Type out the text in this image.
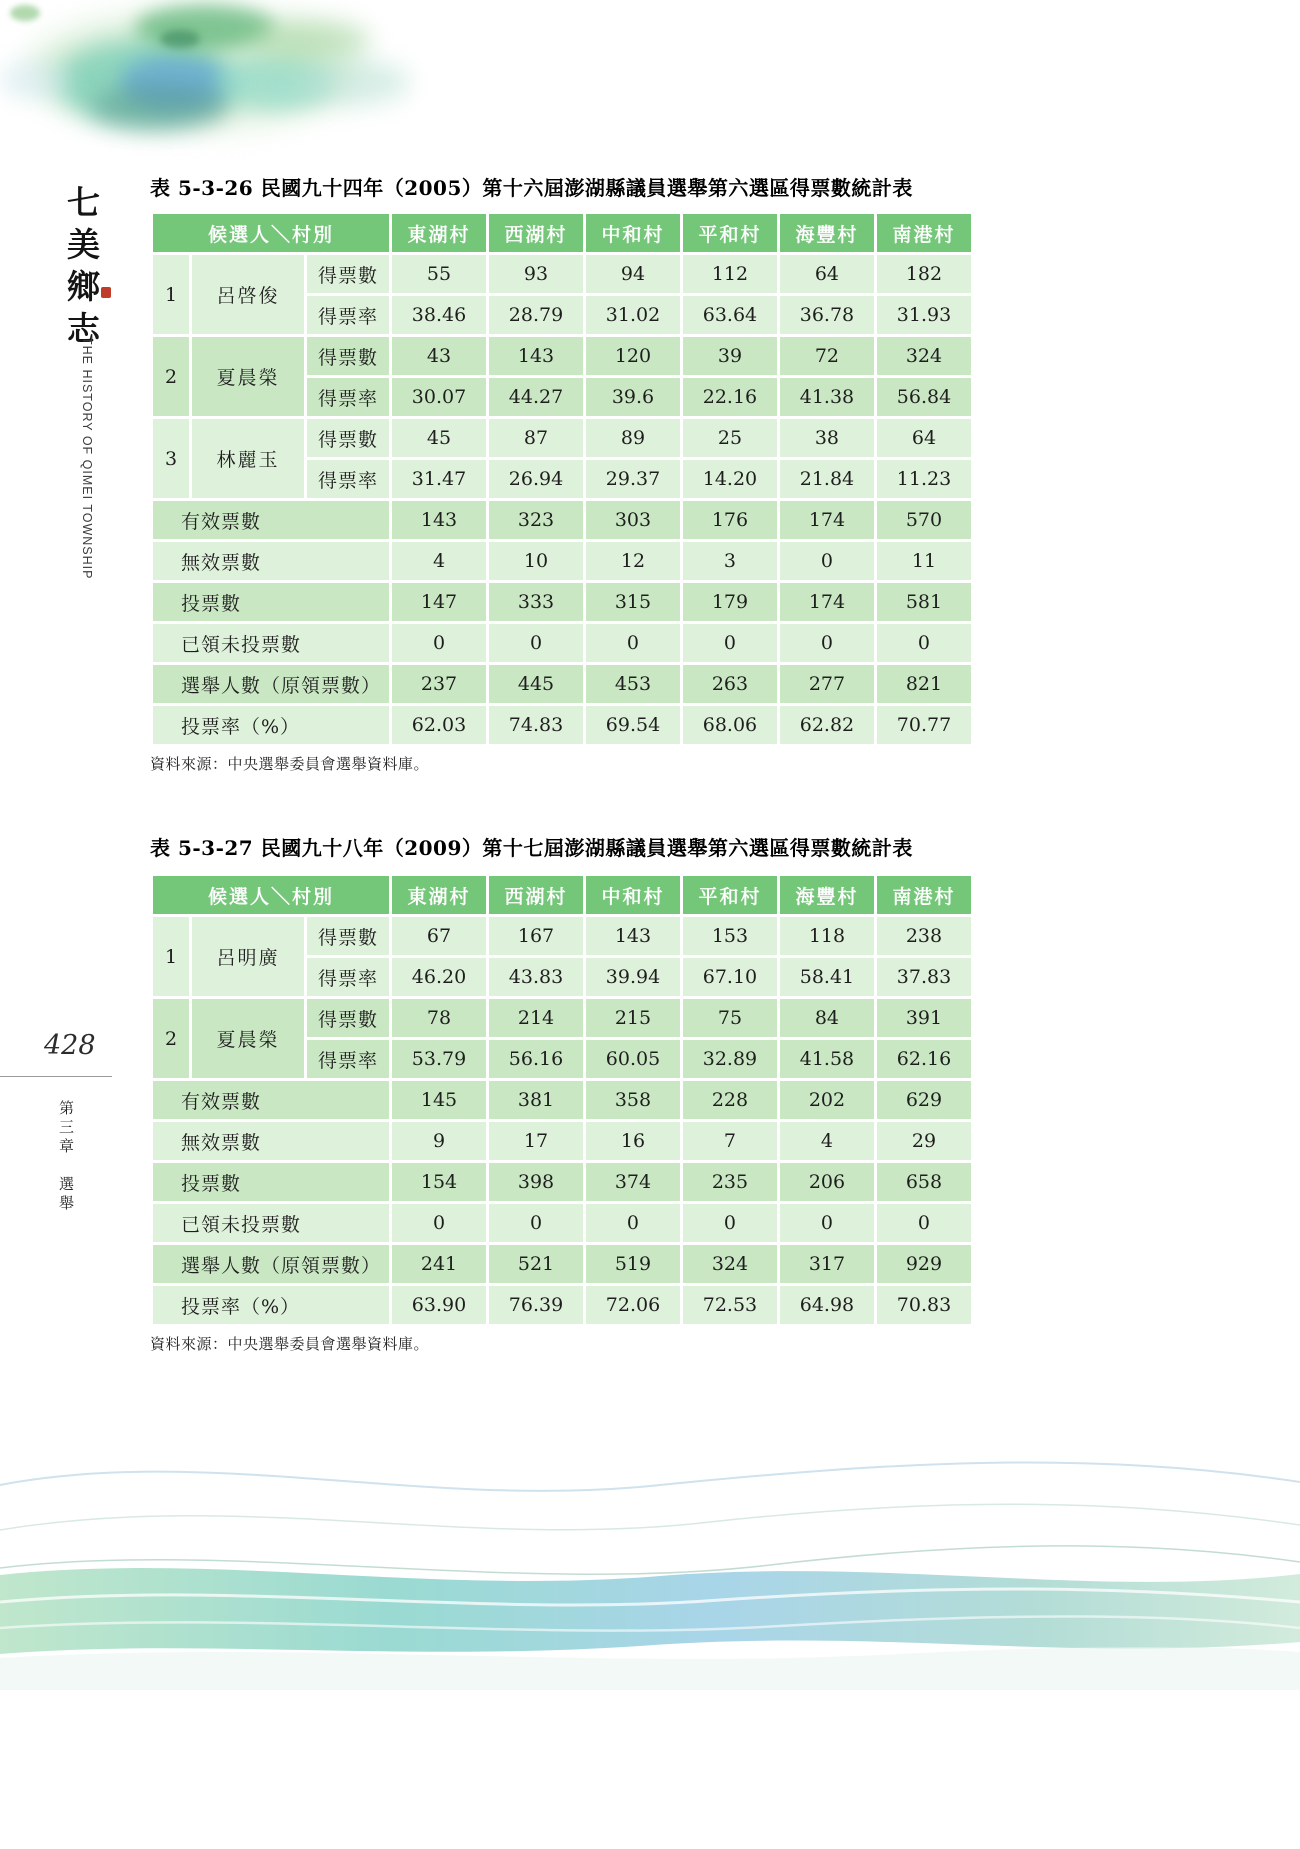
七美鄉志
THE HISTORY OF QIMEI TOWNSHIP
428
第三章　選舉
表 5-3-26 民國九十四年（2005）第十六屆澎湖縣議員選舉第六選區得票數統計表
候選人＼村別			東湖村	西湖村	中和村	平和村	海豐村	南港村
1	呂啓俊	得票數	55	93	94	112	64	182
		得票率	38.46	28.79	31.02	63.64	36.78	31.93
2	夏晨榮	得票數	43	143	120	39	72	324
		得票率	30.07	44.27	39.6	22.16	41.38	56.84
3	林麗玉	得票數	45	87	89	25	38	64
		得票率	31.47	26.94	29.37	14.20	21.84	11.23
有效票數			143	323	303	176	174	570
無效票數			4	10	12	3	0	11
投票數			147	333	315	179	174	581
已領未投票數			0	0	0	0	0	0
選舉人數（原領票數）			237	445	453	263	277	821
投票率（%）			62.03	74.83	69.54	68.06	62.82	70.77

資料來源：中央選舉委員會選舉資料庫。

表 5-3-27 民國九十八年（2009）第十七屆澎湖縣議員選舉第六選區得票數統計表
候選人＼村別			東湖村	西湖村	中和村	平和村	海豐村	南港村
1	呂明廣	得票數	67	167	143	153	118	238
		得票率	46.20	43.83	39.94	67.10	58.41	37.83
2	夏晨榮	得票數	78	214	215	75	84	391
		得票率	53.79	56.16	60.05	32.89	41.58	62.16
有效票數			145	381	358	228	202	629
無效票數			9	17	16	7	4	29
投票數			154	398	374	235	206	658
已領未投票數			0	0	0	0	0	0
選舉人數（原領票數）			241	521	519	324	317	929
投票率（%）			63.90	76.39	72.06	72.53	64.98	70.83

資料來源：中央選舉委員會選舉資料庫。
